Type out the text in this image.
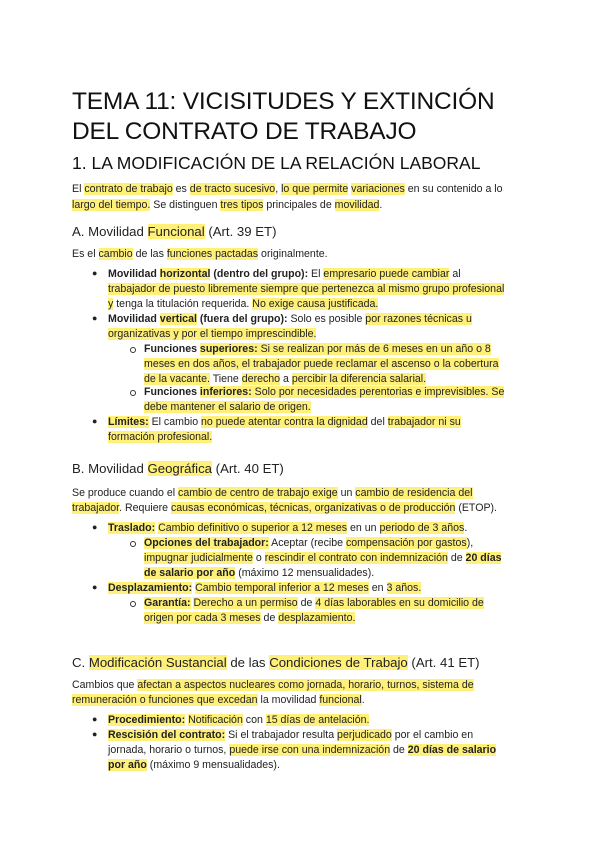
TEMA 11: VICISITUDES Y EXTINCIÓN
DEL CONTRATO DE TRABAJO
1. LA MODIFICACIÓN DE LA RELACIÓN LABORAL
El contrato de trabajo es de tracto sucesivo, lo que permite variaciones en su contenido a lo
largo del tiempo. Se distinguen tres tipos principales de movilidad.
A. Movilidad Funcional (Art. 39 ET)
Es el cambio de las funciones pactadas originalmente.
● Movilidad horizontal (dentro del grupo): El empresario puede cambiar al
trabajador de puesto libremente siempre que pertenezca al mismo grupo profesional
y tenga la titulación requerida. No exige causa justificada.
● Movilidad vertical (fuera del grupo): Solo es posible por razones técnicas u
organizativas y por el tiempo imprescindible.
Funciones superiores: Si se realizan por más de 6 meses en un año o 8
meses en dos años, el trabajador puede reclamar el ascenso o la cobertura
de la vacante. Tiene derecho a percibir la diferencia salarial.
Funciones inferiores: Solo por necesidades perentorias e imprevisibles. Se
debe mantener el salario de origen.
● Límites: El cambio no puede atentar contra la dignidad del trabajador ni su
formación profesional.
B. Movilidad Geográfica (Art. 40 ET)
Se produce cuando el cambio de centro de trabajo exige un cambio de residencia del
trabajador. Requiere causas económicas, técnicas, organizativas o de producción (ETOP).
● Traslado: Cambio definitivo o superior a 12 meses en un periodo de 3 años.
Opciones del trabajador: Aceptar (recibe compensación por gastos),
impugnar judicialmente o rescindir el contrato con indemnización de 20 días
de salario por año (máximo 12 mensualidades).
● Desplazamiento: Cambio temporal inferior a 12 meses en 3 años.
Garantía: Derecho a un permiso de 4 días laborables en su domicilio de
origen por cada 3 meses de desplazamiento.
C. Modificación Sustancial de las Condiciones de Trabajo (Art. 41 ET)
Cambios que afectan a aspectos nucleares como jornada, horario, turnos, sistema de
remuneración o funciones que excedan la movilidad funcional.
● Procedimiento: Notificación con 15 días de antelación.
● Rescisión del contrato: Si el trabajador resulta perjudicado por el cambio en
jornada, horario o turnos, puede irse con una indemnización de 20 días de salario
por año (máximo 9 mensualidades).
